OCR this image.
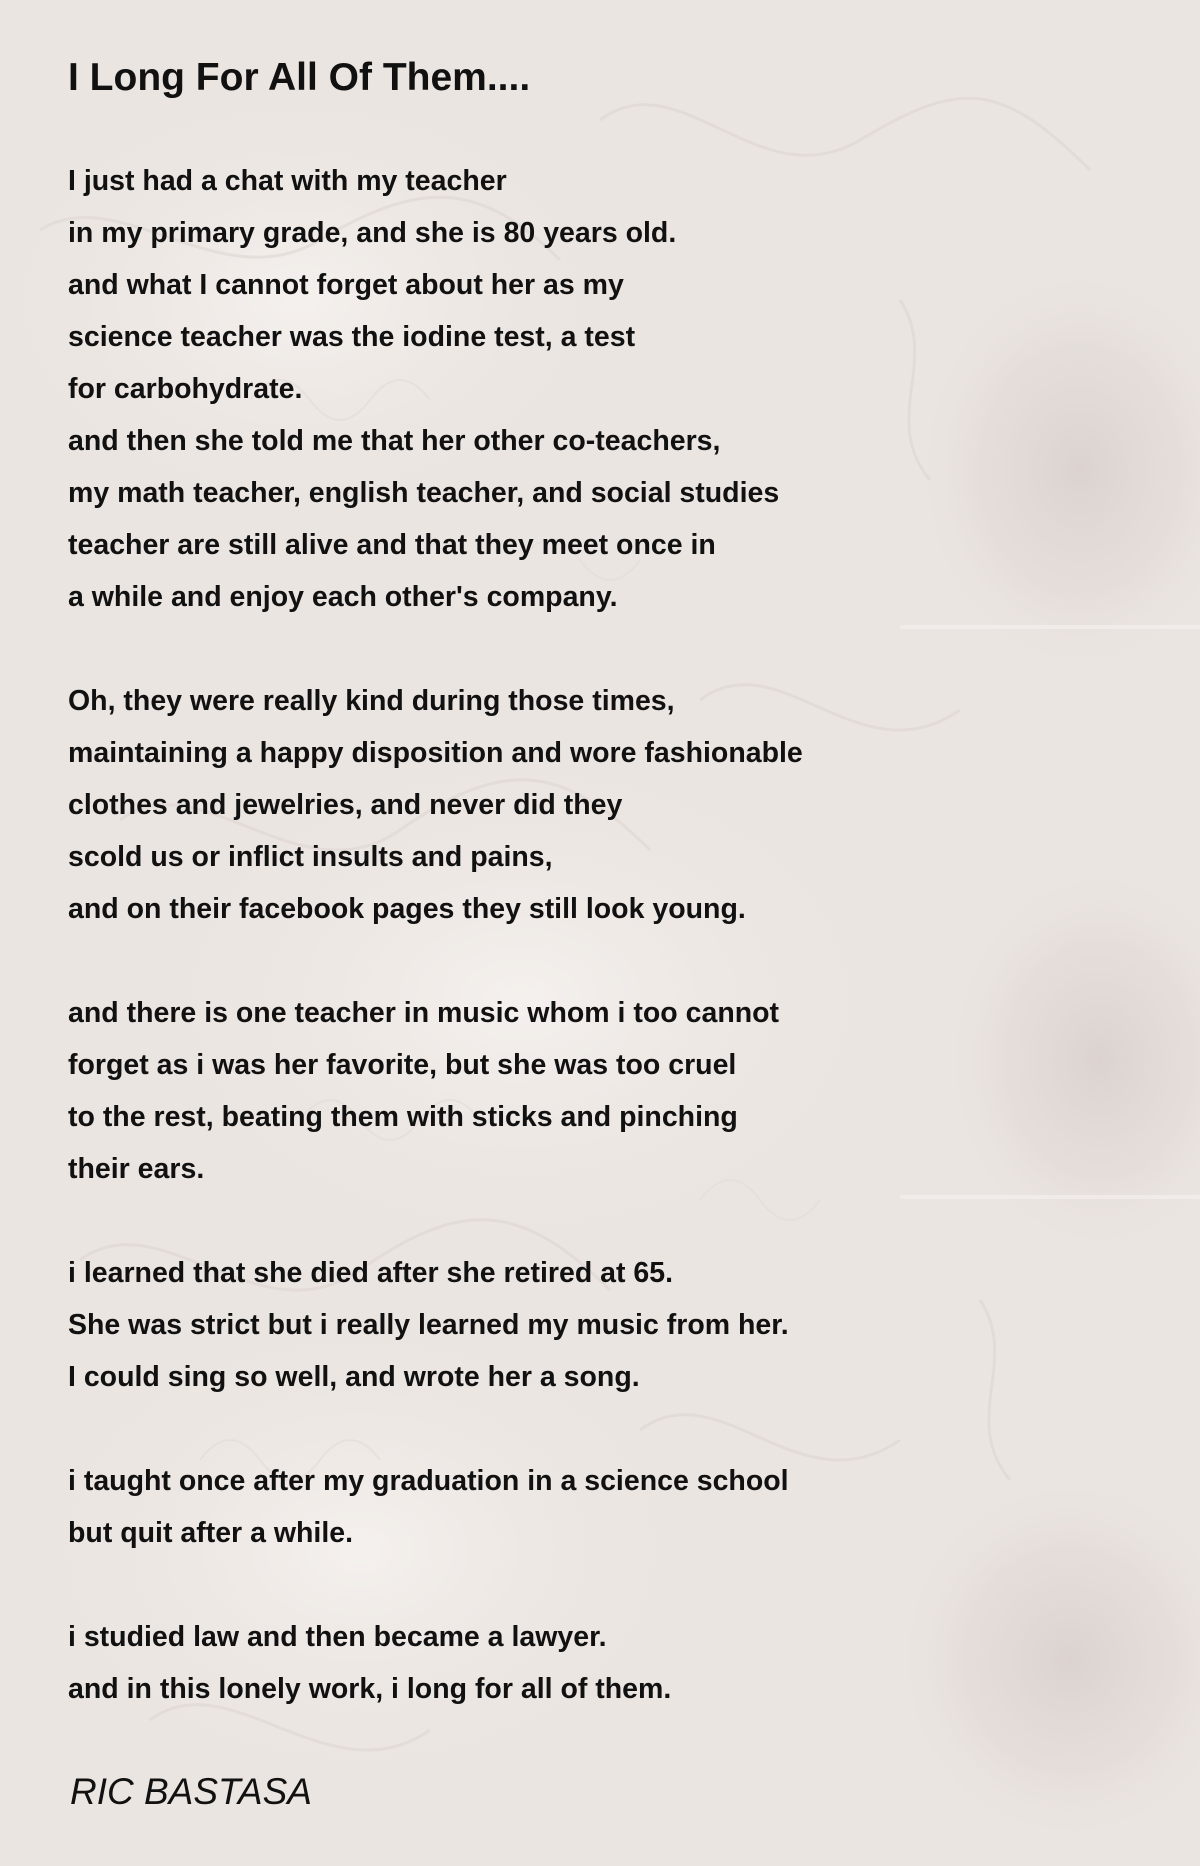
I Long For All Of Them....
I just had a chat with my teacher
in my primary grade, and she is 80 years old.
and what I cannot forget about her as my
science teacher was the iodine test, a test
for carbohydrate.
and then she told me that her other co-teachers,
my math teacher, english teacher, and social studies
teacher are still alive and that they meet once in
a while and enjoy each other's company.
Oh, they were really kind during those times,
maintaining a happy disposition and wore fashionable
clothes and jewelries, and never did they
scold us or inflict insults and pains,
and on their facebook pages they still look young.
and there is one teacher in music whom i too cannot
forget as i was her favorite, but she was too cruel
to the rest, beating them with sticks and pinching
their ears.
i learned that she died after she retired at 65.
She was strict but i really learned my music from her.
I could sing so well, and wrote her a song.
i taught once after my graduation in a science school
but quit after a while.
i studied law and then became a lawyer.
and in this lonely work, i long for all of them.
RIC BASTASA
